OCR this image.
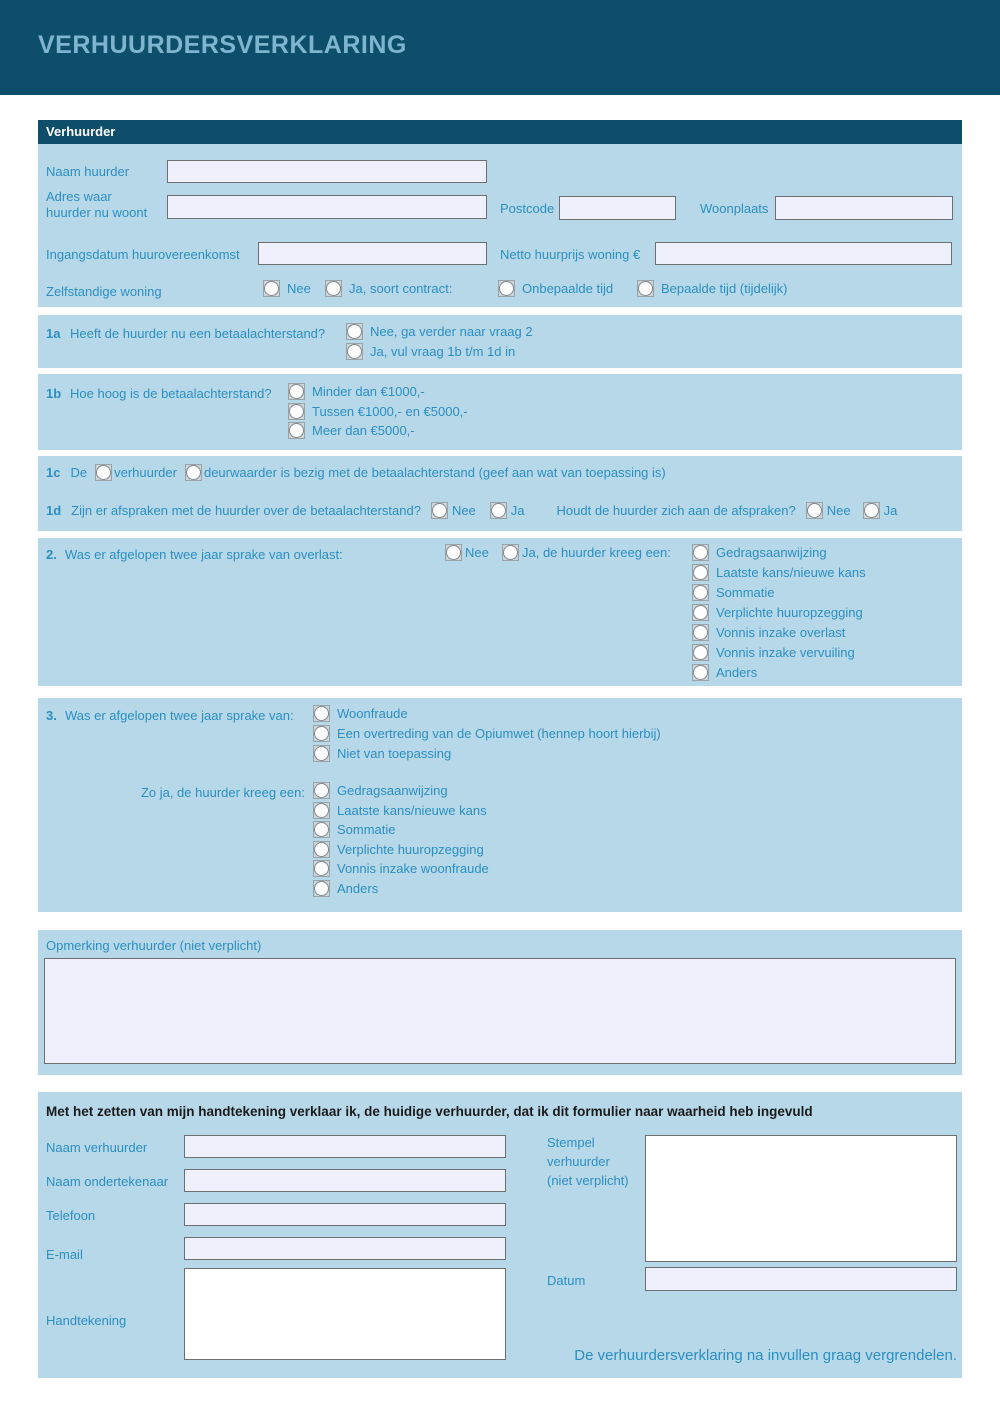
VERHUURDERSVERKLARING
Verhuurder
Naam huurder
Adres waar
huurder nu woont	Postcode	Woonplaats
Ingangsdatum huurovereenkomst	Netto huurprijs woning €
Zelfstandige woning	Nee	Ja, soort contract:	Onbepaalde tijd	Bepaalde tijd (tijdelijk)
1a Heeft de huurder nu een betaalachterstand?	Nee, ga verder naar vraag 2
Ja, vul vraag 1b t/m 1d in
1b Hoe hoog is de betaalachterstand?	Minder dan €1000,-
Tussen €1000,- en €5000,-
Meer dan €5000,-
1c De verhuurder deurwaarder is bezig met de betaalachterstand (geef aan wat van toepassing is)
1d Zijn er afspraken met de huurder over de betaalachterstand? Nee	Ja Houdt de huurder zich aan de afspraken? Nee	Ja
2. Was er afgelopen twee jaar sprake van overlast:	Nee	Ja, de huurder kreeg een:	Gedragsaanwijzing
Laatste kans/nieuwe kans
Sommatie
Verplichte huuropzegging
Vonnis inzake overlast
Vonnis inzake vervuiling
Anders
3. Was er afgelopen twee jaar sprake van:	Woonfraude
Een overtreding van de Opiumwet (hennep hoort hierbij)
Niet van toepassing
Zo ja, de huurder kreeg een: Gedragsaanwijzing
Laatste kans/nieuwe kans
Sommatie
Verplichte huuropzegging
Vonnis inzake woonfraude
Anders
Opmerking verhuurder (niet verplicht)
Met het zetten van mijn handtekening verklaar ik, de huidige verhuurder, dat ik dit formulier naar waarheid heb ingevuld
Naam verhuurder
Naam ondertekenaar
Telefoon
E-mail
Handtekening
Stempel
verhuurder
(niet verplicht)
Datum
De verhuurdersverklaring na invullen graag vergrendelen.
